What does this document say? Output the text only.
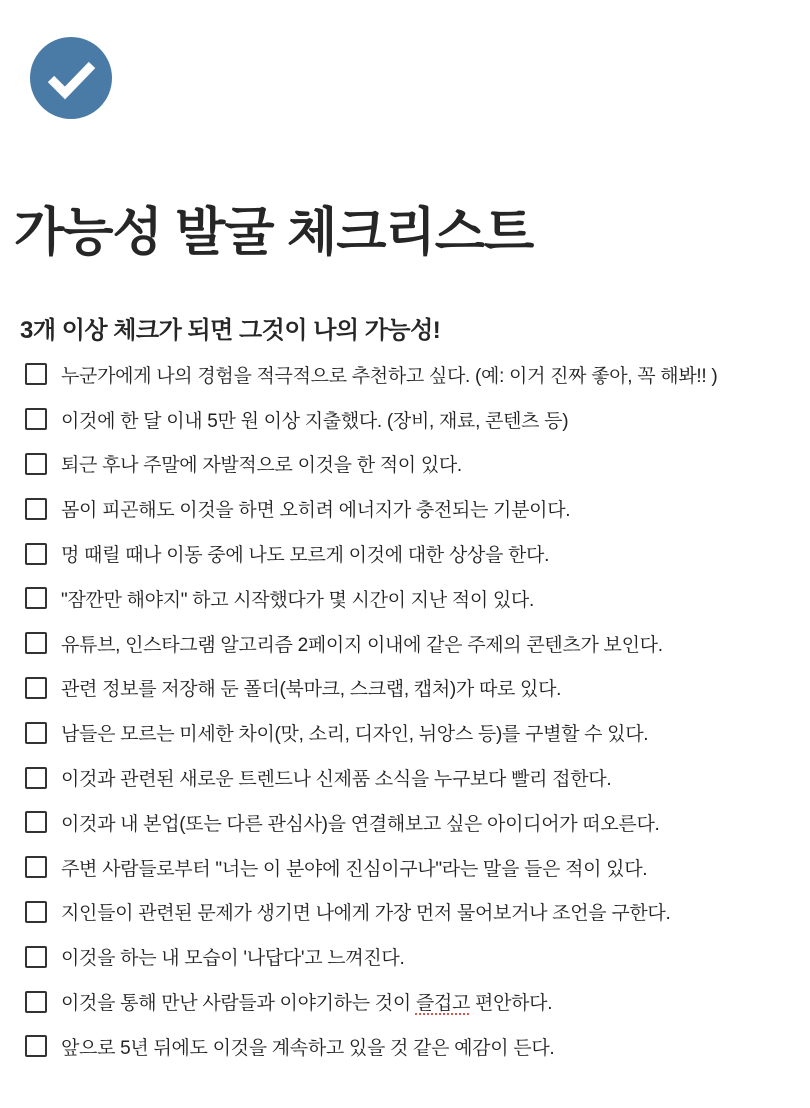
가능성 발굴 체크리스트
3개 이상 체크가 되면 그것이 나의 가능성!
누군가에게 나의 경험을 적극적으로 추천하고 싶다. (예: 이거 진짜 좋아, 꼭 해봐!! )
이것에 한 달 이내 5만 원 이상 지출했다. (장비, 재료, 콘텐츠 등)
퇴근 후나 주말에 자발적으로 이것을 한 적이 있다.
몸이 피곤해도 이것을 하면 오히려 에너지가 충전되는 기분이다.
멍 때릴 때나 이동 중에 나도 모르게 이것에 대한 상상을 한다.
"잠깐만 해야지" 하고 시작했다가 몇 시간이 지난 적이 있다.
유튜브, 인스타그램 알고리즘 2페이지 이내에 같은 주제의 콘텐츠가 보인다.
관련 정보를 저장해 둔 폴더(북마크, 스크랩, 캡처)가 따로 있다.
남들은 모르는 미세한 차이(맛, 소리, 디자인, 뉘앙스 등)를 구별할 수 있다.
이것과 관련된 새로운 트렌드나 신제품 소식을 누구보다 빨리 접한다.
이것과 내 본업(또는 다른 관심사)을 연결해보고 싶은 아이디어가 떠오른다.
주변 사람들로부터 "너는 이 분야에 진심이구나"라는 말을 들은 적이 있다.
지인들이 관련된 문제가 생기면 나에게 가장 먼저 물어보거나 조언을 구한다.
이것을 하는 내 모습이 '나답다'고 느껴진다.
이것을 통해 만난 사람들과 이야기하는 것이 즐겁고 편안하다.
앞으로 5년 뒤에도 이것을 계속하고 있을 것 같은 예감이 든다.
